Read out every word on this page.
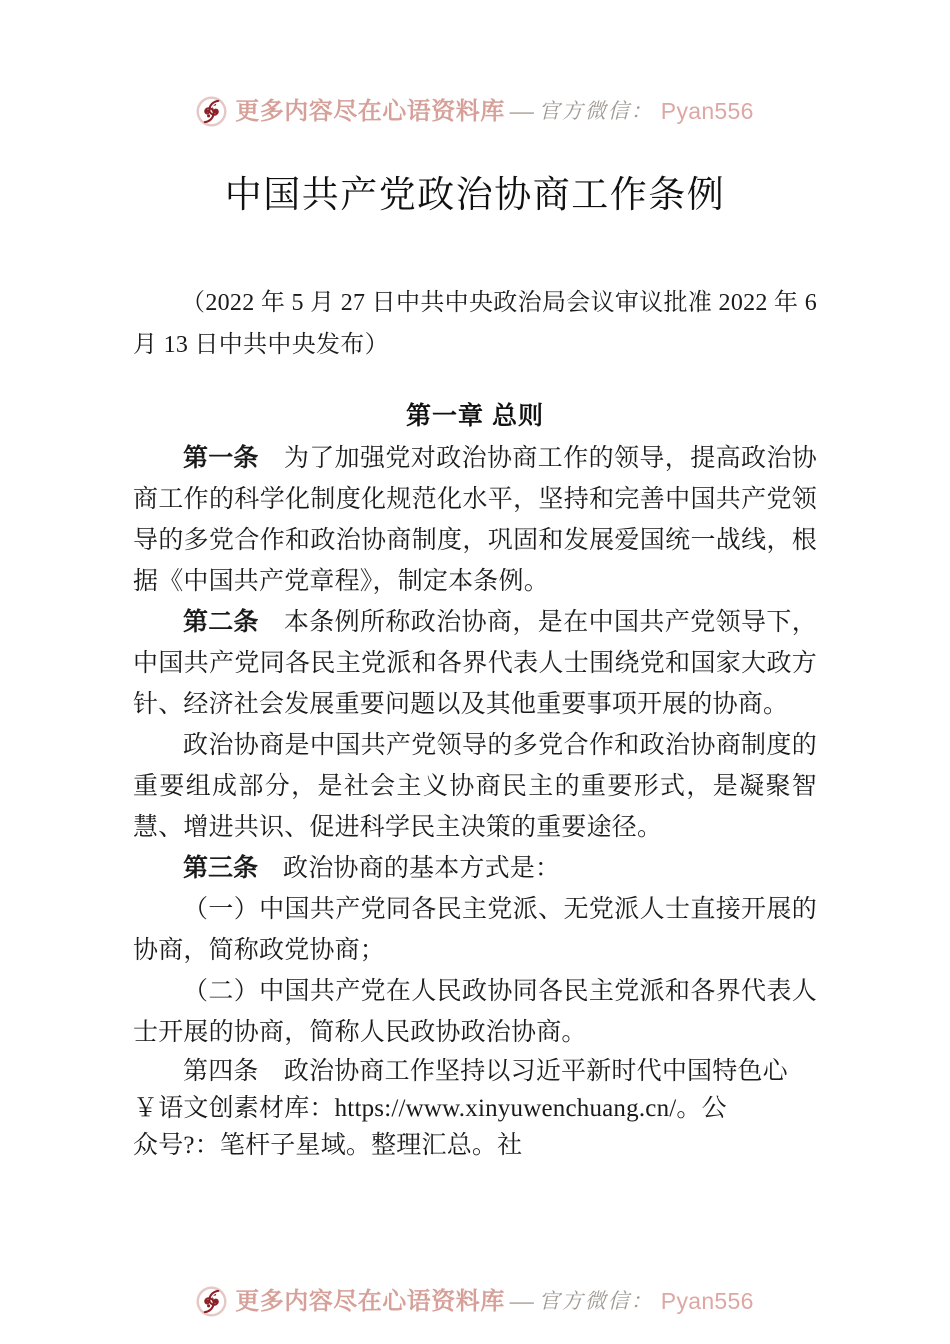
更多内容尽在心语资料库 — 官方微信： Pyan556
中国共产党政治协商工作条例

（2022 年 5 月 27 日中共中央政治局会议审议批准 2022 年 6 月 13 日中共中央发布）

第一章 总则

第一条　为了加强党对政治协商工作的领导，提高政治协商工作的科学化制度化规范化水平，坚持和完善中国共产党领导的多党合作和政治协商制度，巩固和发展爱国统一战线，根据《中国共产党章程》，制定本条例。

第二条　本条例所称政治协商，是在中国共产党领导下，中国共产党同各民主党派和各界代表人士围绕党和国家大政方针、经济社会发展重要问题以及其他重要事项开展的协商。

政治协商是中国共产党领导的多党合作和政治协商制度的重要组成部分，是社会主义协商民主的重要形式，是凝聚智慧、增进共识、促进科学民主决策的重要途径。

第三条　政治协商的基本方式是：

（一）中国共产党同各民主党派、无党派人士直接开展的协商，简称政党协商；

（二）中国共产党在人民政协同各民主党派和各界代表人士开展的协商，简称人民政协政治协商。

第四条　政治协商工作坚持以习近平新时代中国特色心

￥语文创素材库：https://www.xinyuwenchuang.cn/。公

众号?：笔杆子星域。整理汇总。社

更多内容尽在心语资料库 — 官方微信： Pyan556
